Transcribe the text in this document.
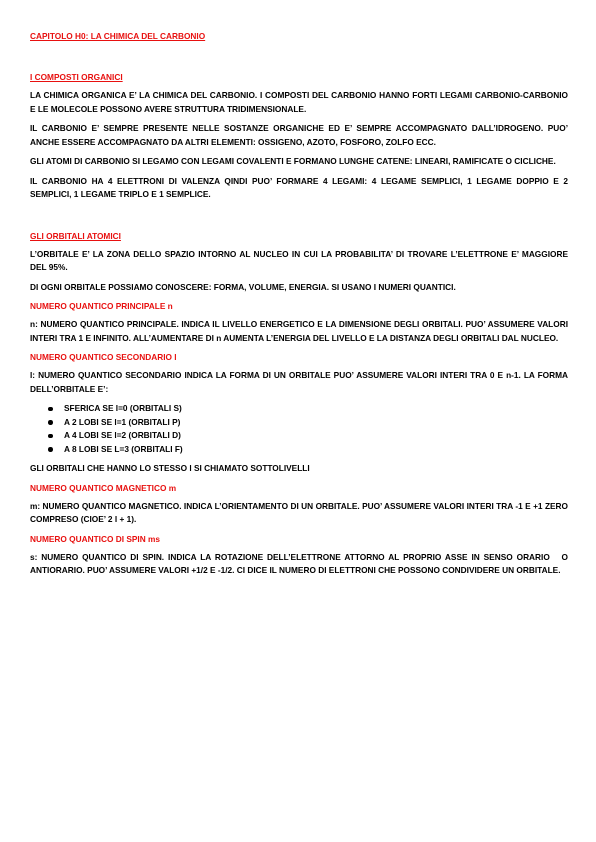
CAPITOLO H0: LA CHIMICA DEL CARBONIO
I COMPOSTI ORGANICI

LA CHIMICA ORGANICA E’ LA CHIMICA DEL CARBONIO. I COMPOSTI DEL CARBONIO HANNO FORTI LEGAMI CARBONIO-CARBONIO E LE MOLECOLE POSSONO AVERE STRUTTURA TRIDIMENSIONALE.

IL CARBONIO E’ SEMPRE PRESENTE NELLE SOSTANZE ORGANICHE ED E’ SEMPRE ACCOMPAGNATO DALL’IDROGENO. PUO’ ANCHE ESSERE ACCOMPAGNATO DA ALTRI ELEMENTI: OSSIGENO, AZOTO, FOSFORO, ZOLFO ECC.

GLI ATOMI DI CARBONIO SI LEGAMO CON LEGAMI COVALENTI E FORMANO LUNGHE CATENE: LINEARI, RAMIFICATE O CICLICHE.

IL CARBONIO HA 4 ELETTRONI DI VALENZA QINDI PUO’ FORMARE 4 LEGAMI: 4 LEGAME SEMPLICI, 1 LEGAME DOPPIO E 2 SEMPLICI, 1 LEGAME TRIPLO E 1 SEMPLICE.

GLI ORBITALI ATOMICI

L’ORBITALE E’ LA ZONA DELLO SPAZIO INTORNO AL NUCLEO IN CUI LA PROBABILITA’ DI TROVARE L’ELETTRONE E’ MAGGIORE DEL 95%.

DI OGNI ORBITALE POSSIAMO CONOSCERE: FORMA, VOLUME, ENERGIA. SI USANO I NUMERI QUANTICI.

NUMERO QUANTICO PRINCIPALE n

n: NUMERO QUANTICO PRINCIPALE. INDICA IL LIVELLO ENERGETICO E LA DIMENSIONE DEGLI ORBITALI. PUO’ ASSUMERE VALORI INTERI TRA 1 E INFINITO. ALL’AUMENTARE DI n AUMENTA L’ENERGIA DEL LIVELLO E LA DISTANZA DEGLI ORBITALI DAL NUCLEO.

NUMERO QUANTICO SECONDARIO l

l: NUMERO QUANTICO SECONDARIO INDICA LA FORMA DI UN ORBITALE PUO’ ASSUMERE VALORI INTERI TRA 0 E n-1. LA FORMA DELL’ORBITALE E’:

SFERICA SE l=0 (ORBITALI S)
A 2 LOBI SE l=1 (ORBITALI P)
A 4 LOBI SE l=2 (ORBITALI D)
A 8 LOBI SE L=3 (ORBITALI F)

GLI ORBITALI CHE HANNO LO STESSO l SI CHIAMATO SOTTOLIVELLI

NUMERO QUANTICO MAGNETICO m

m: NUMERO QUANTICO MAGNETICO. INDICA L’ORIENTAMENTO DI UN ORBITALE. PUO’ ASSUMERE VALORI INTERI TRA -1 E +1 ZERO COMPRESO (CIOE’ 2 l + 1).

NUMERO QUANTICO DI SPIN ms

s: NUMERO QUANTICO DI SPIN. INDICA LA ROTAZIONE DELL’ELETTRONE ATTORNO AL PROPRIO ASSE IN SENSO ORARIO   O ANTIORARIO. PUO’ ASSUMERE VALORI +1/2 E -1/2. CI DICE IL NUMERO DI ELETTRONI CHE POSSONO CONDIVIDERE UN ORBITALE.
